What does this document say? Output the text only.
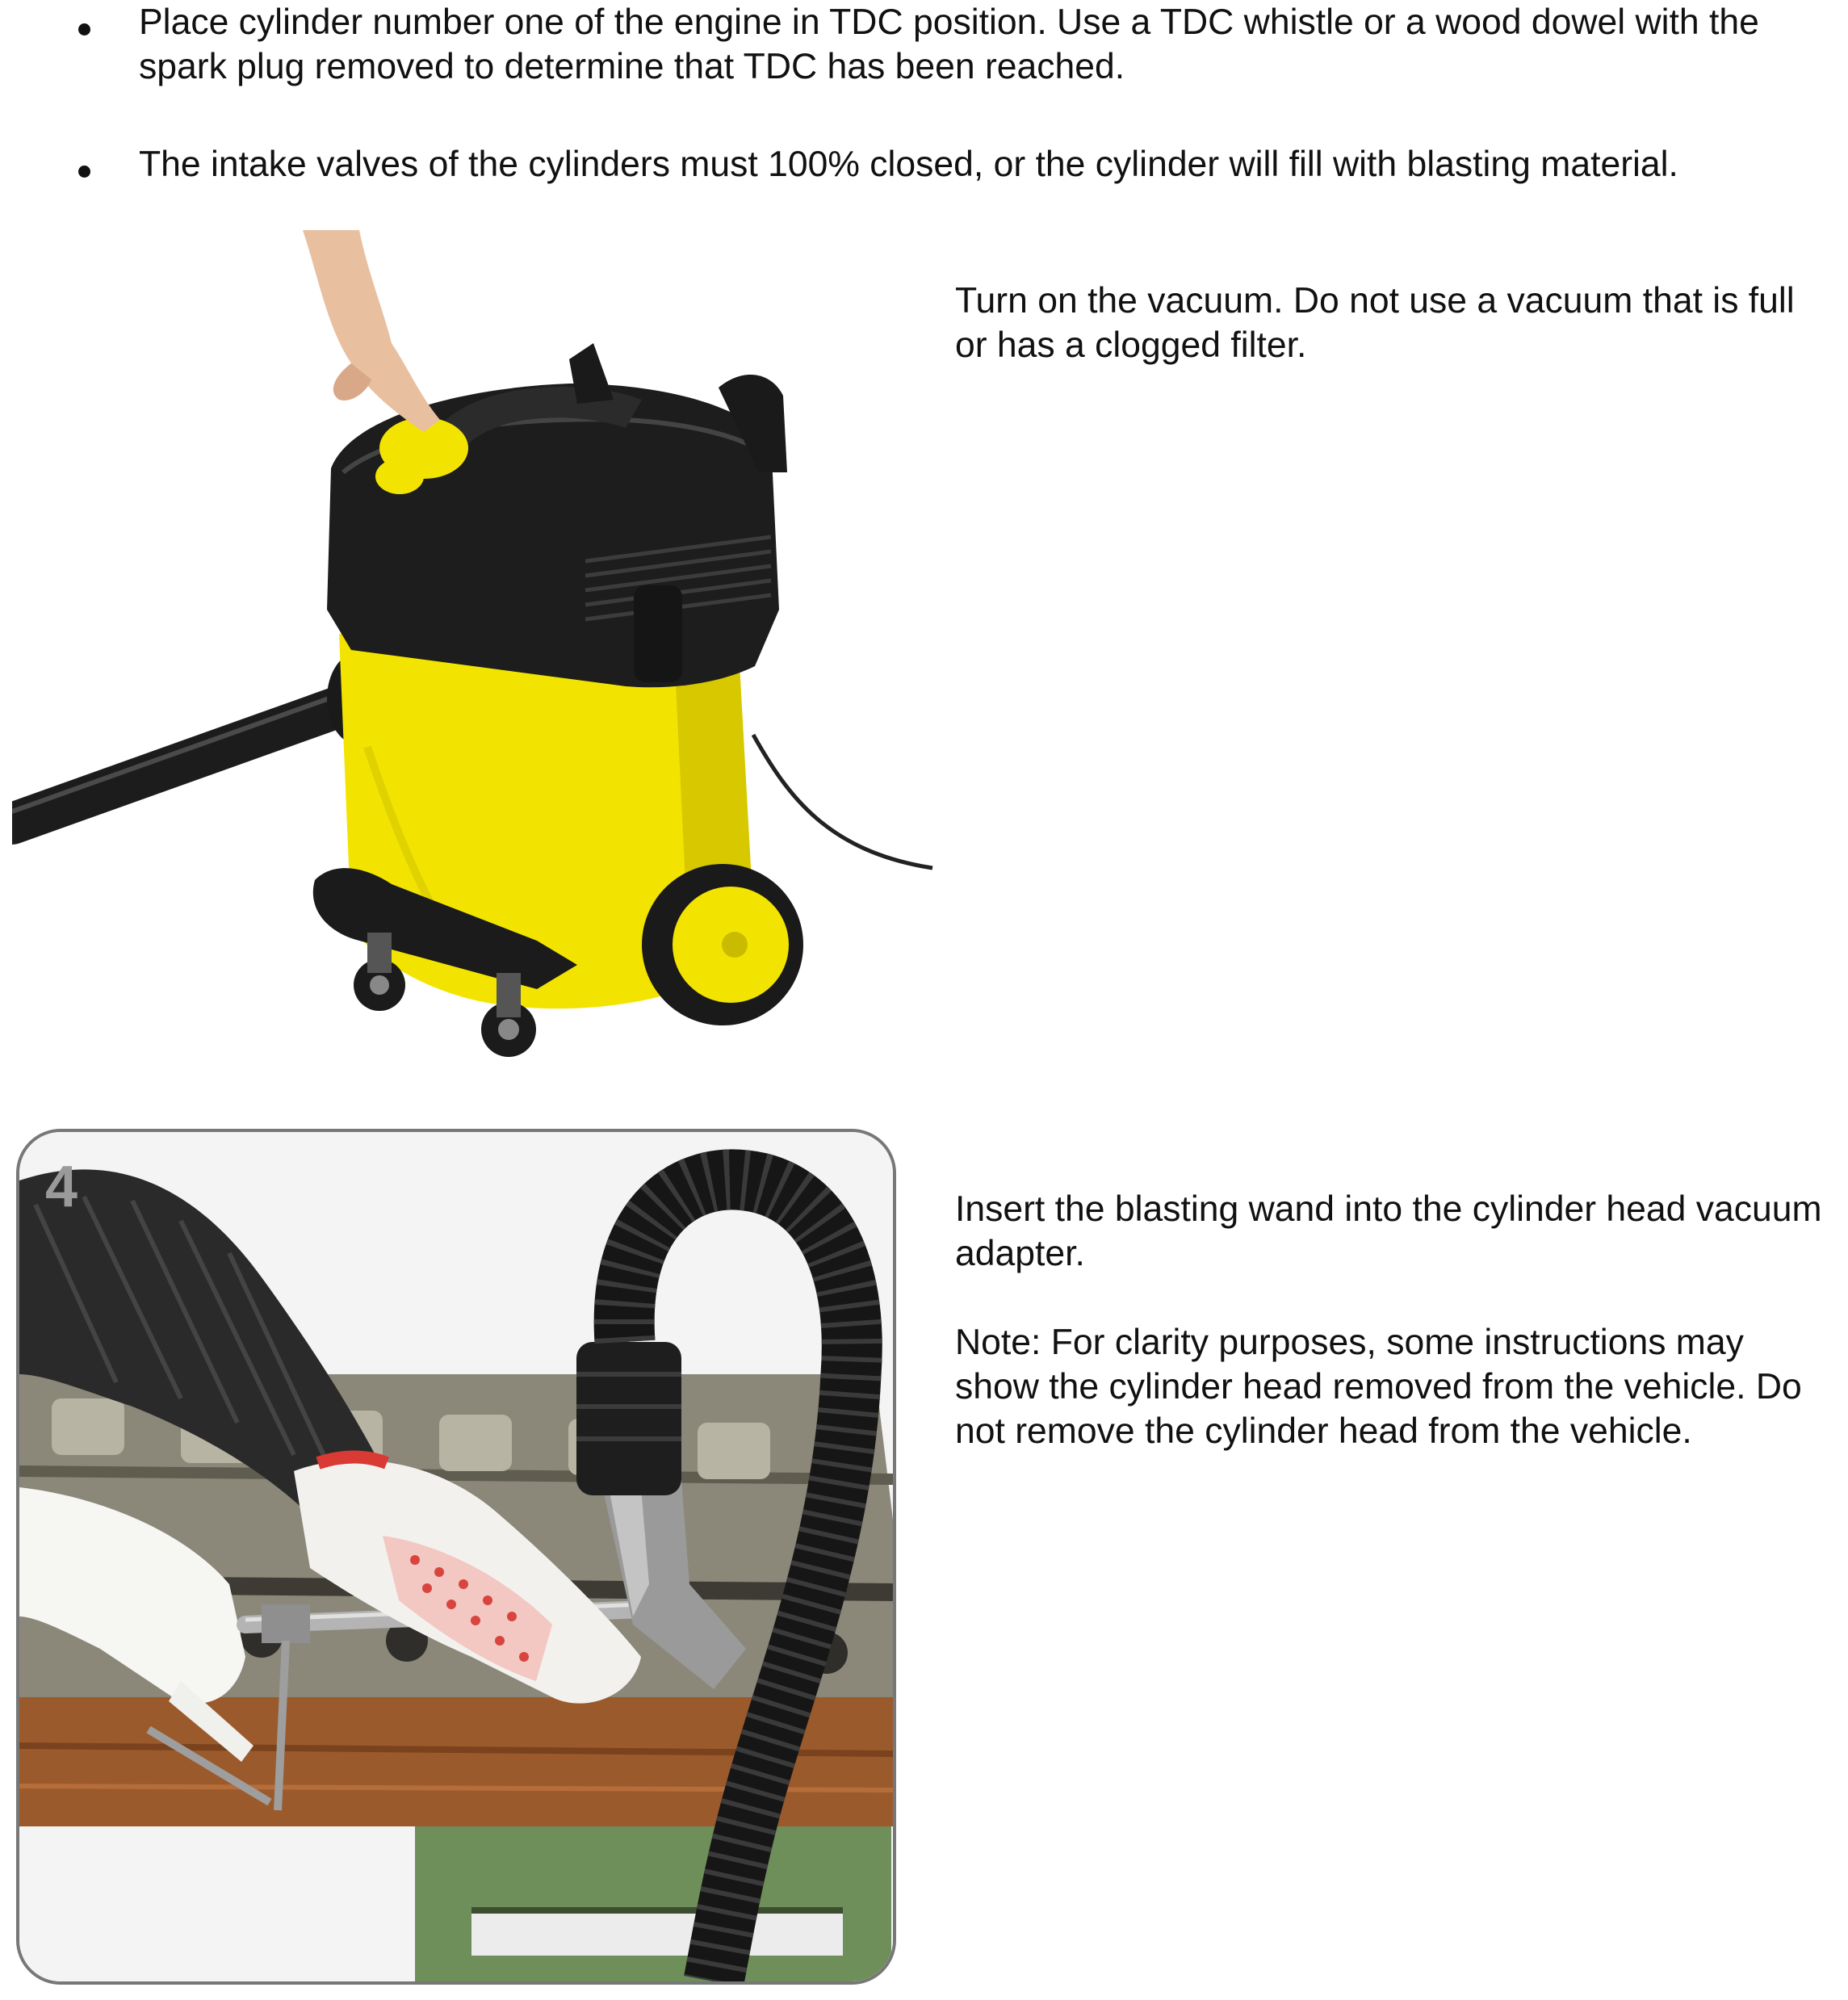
Place cylinder number one of the engine in TDC position. Use a TDC whistle or a wood dowel with the spark plug removed to determine that TDC has been reached.
The intake valves of the cylinders must 100% closed, or the cylinder will fill with blasting material.

Turn on the vacuum. Do not use a vacuum that is full or has a clogged filter.

4	Insert the blasting wand into the cylinder head vacuum adapter.

Note: For clarity purposes, some instructions may show the cylinder head removed from the vehicle. Do not remove the cylinder head from the vehicle.
